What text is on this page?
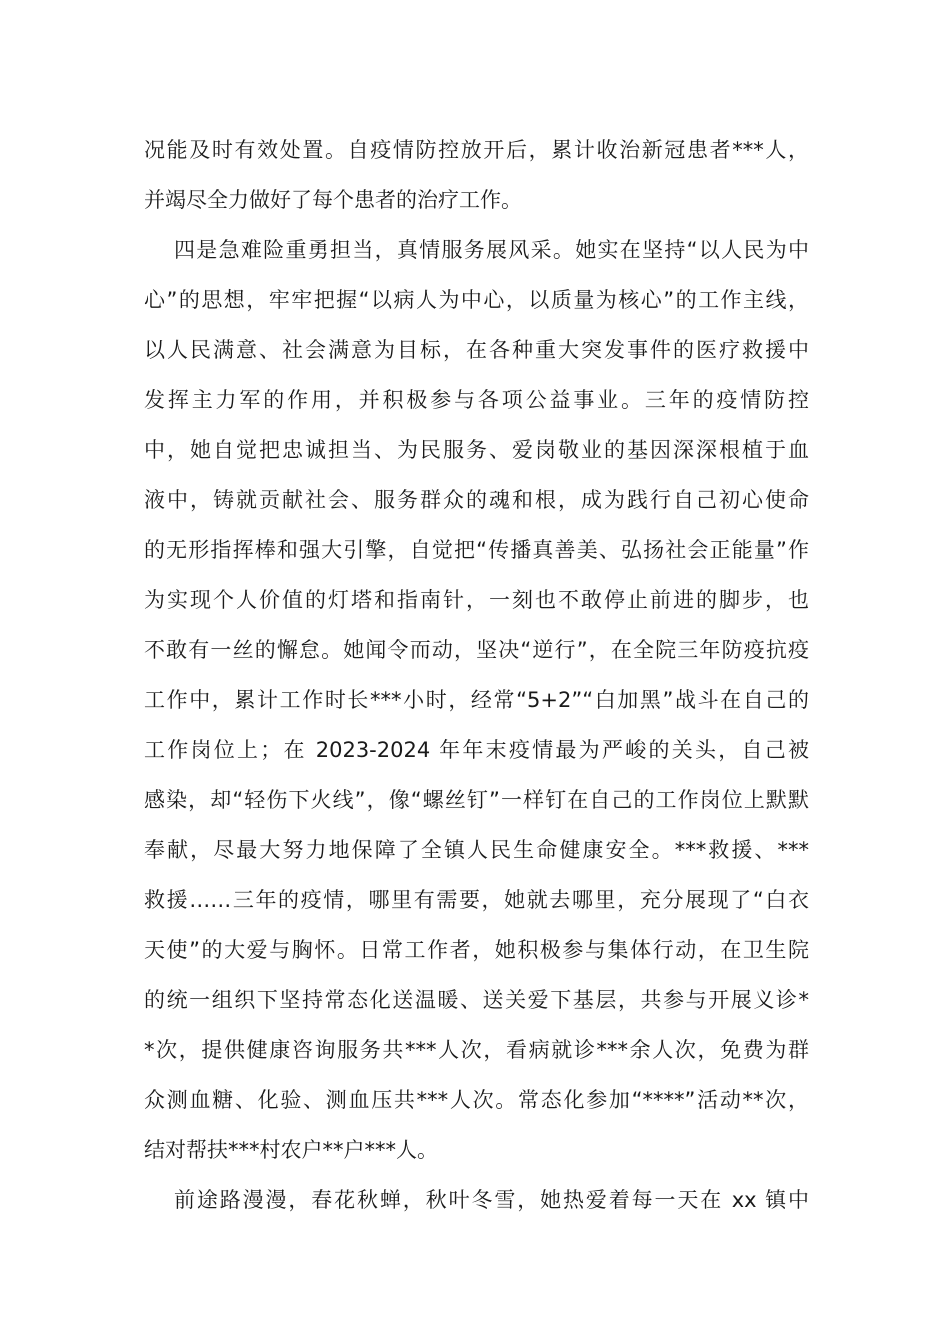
况能及时有效处置。自疫情防控放开后，累计收治新冠患者***人，
并竭尽全力做好了每个患者的治疗工作。
四是急难险重勇担当，真情服务展风采。她实在坚持“以人民为中
心”的思想，牢牢把握“以病人为中心，以质量为核心”的工作主线，
以人民满意、社会满意为目标，在各种重大突发事件的医疗救援中
发挥主力军的作用，并积极参与各项公益事业。三年的疫情防控
中，她自觉把忠诚担当、为民服务、爱岗敬业的基因深深根植于血
液中，铸就贡献社会、服务群众的魂和根，成为践行自己初心使命
的无形指挥棒和强大引擎，自觉把“传播真善美、弘扬社会正能量”作
为实现个人价值的灯塔和指南针，一刻也不敢停止前进的脚步，也
不敢有一丝的懈怠。她闻令而动，坚决“逆行”，在全院三年防疫抗疫
工作中，累计工作时长***小时，经常“5+2”“白加黑”战斗在自己的
工作岗位上；在 2023-2024 年年末疫情最为严峻的关头，自己被
感染，却“轻伤下火线”，像“螺丝钉”一样钉在自己的工作岗位上默默
奉献，尽最大努力地保障了全镇人民生命健康安全。***救援、***
救援……三年的疫情，哪里有需要，她就去哪里，充分展现了“白衣
天使”的大爱与胸怀。日常工作者，她积极参与集体行动，在卫生院
的统一组织下坚持常态化送温暖、送关爱下基层，共参与开展义诊*
*次，提供健康咨询服务共***人次，看病就诊***余人次，免费为群
众测血糖、化验、测血压共***人次。常态化参加“****”活动**次，
结对帮扶***村农户**户***人。
前途路漫漫，春花秋蝉，秋叶冬雪，她热爱着每一天在 xx 镇中
